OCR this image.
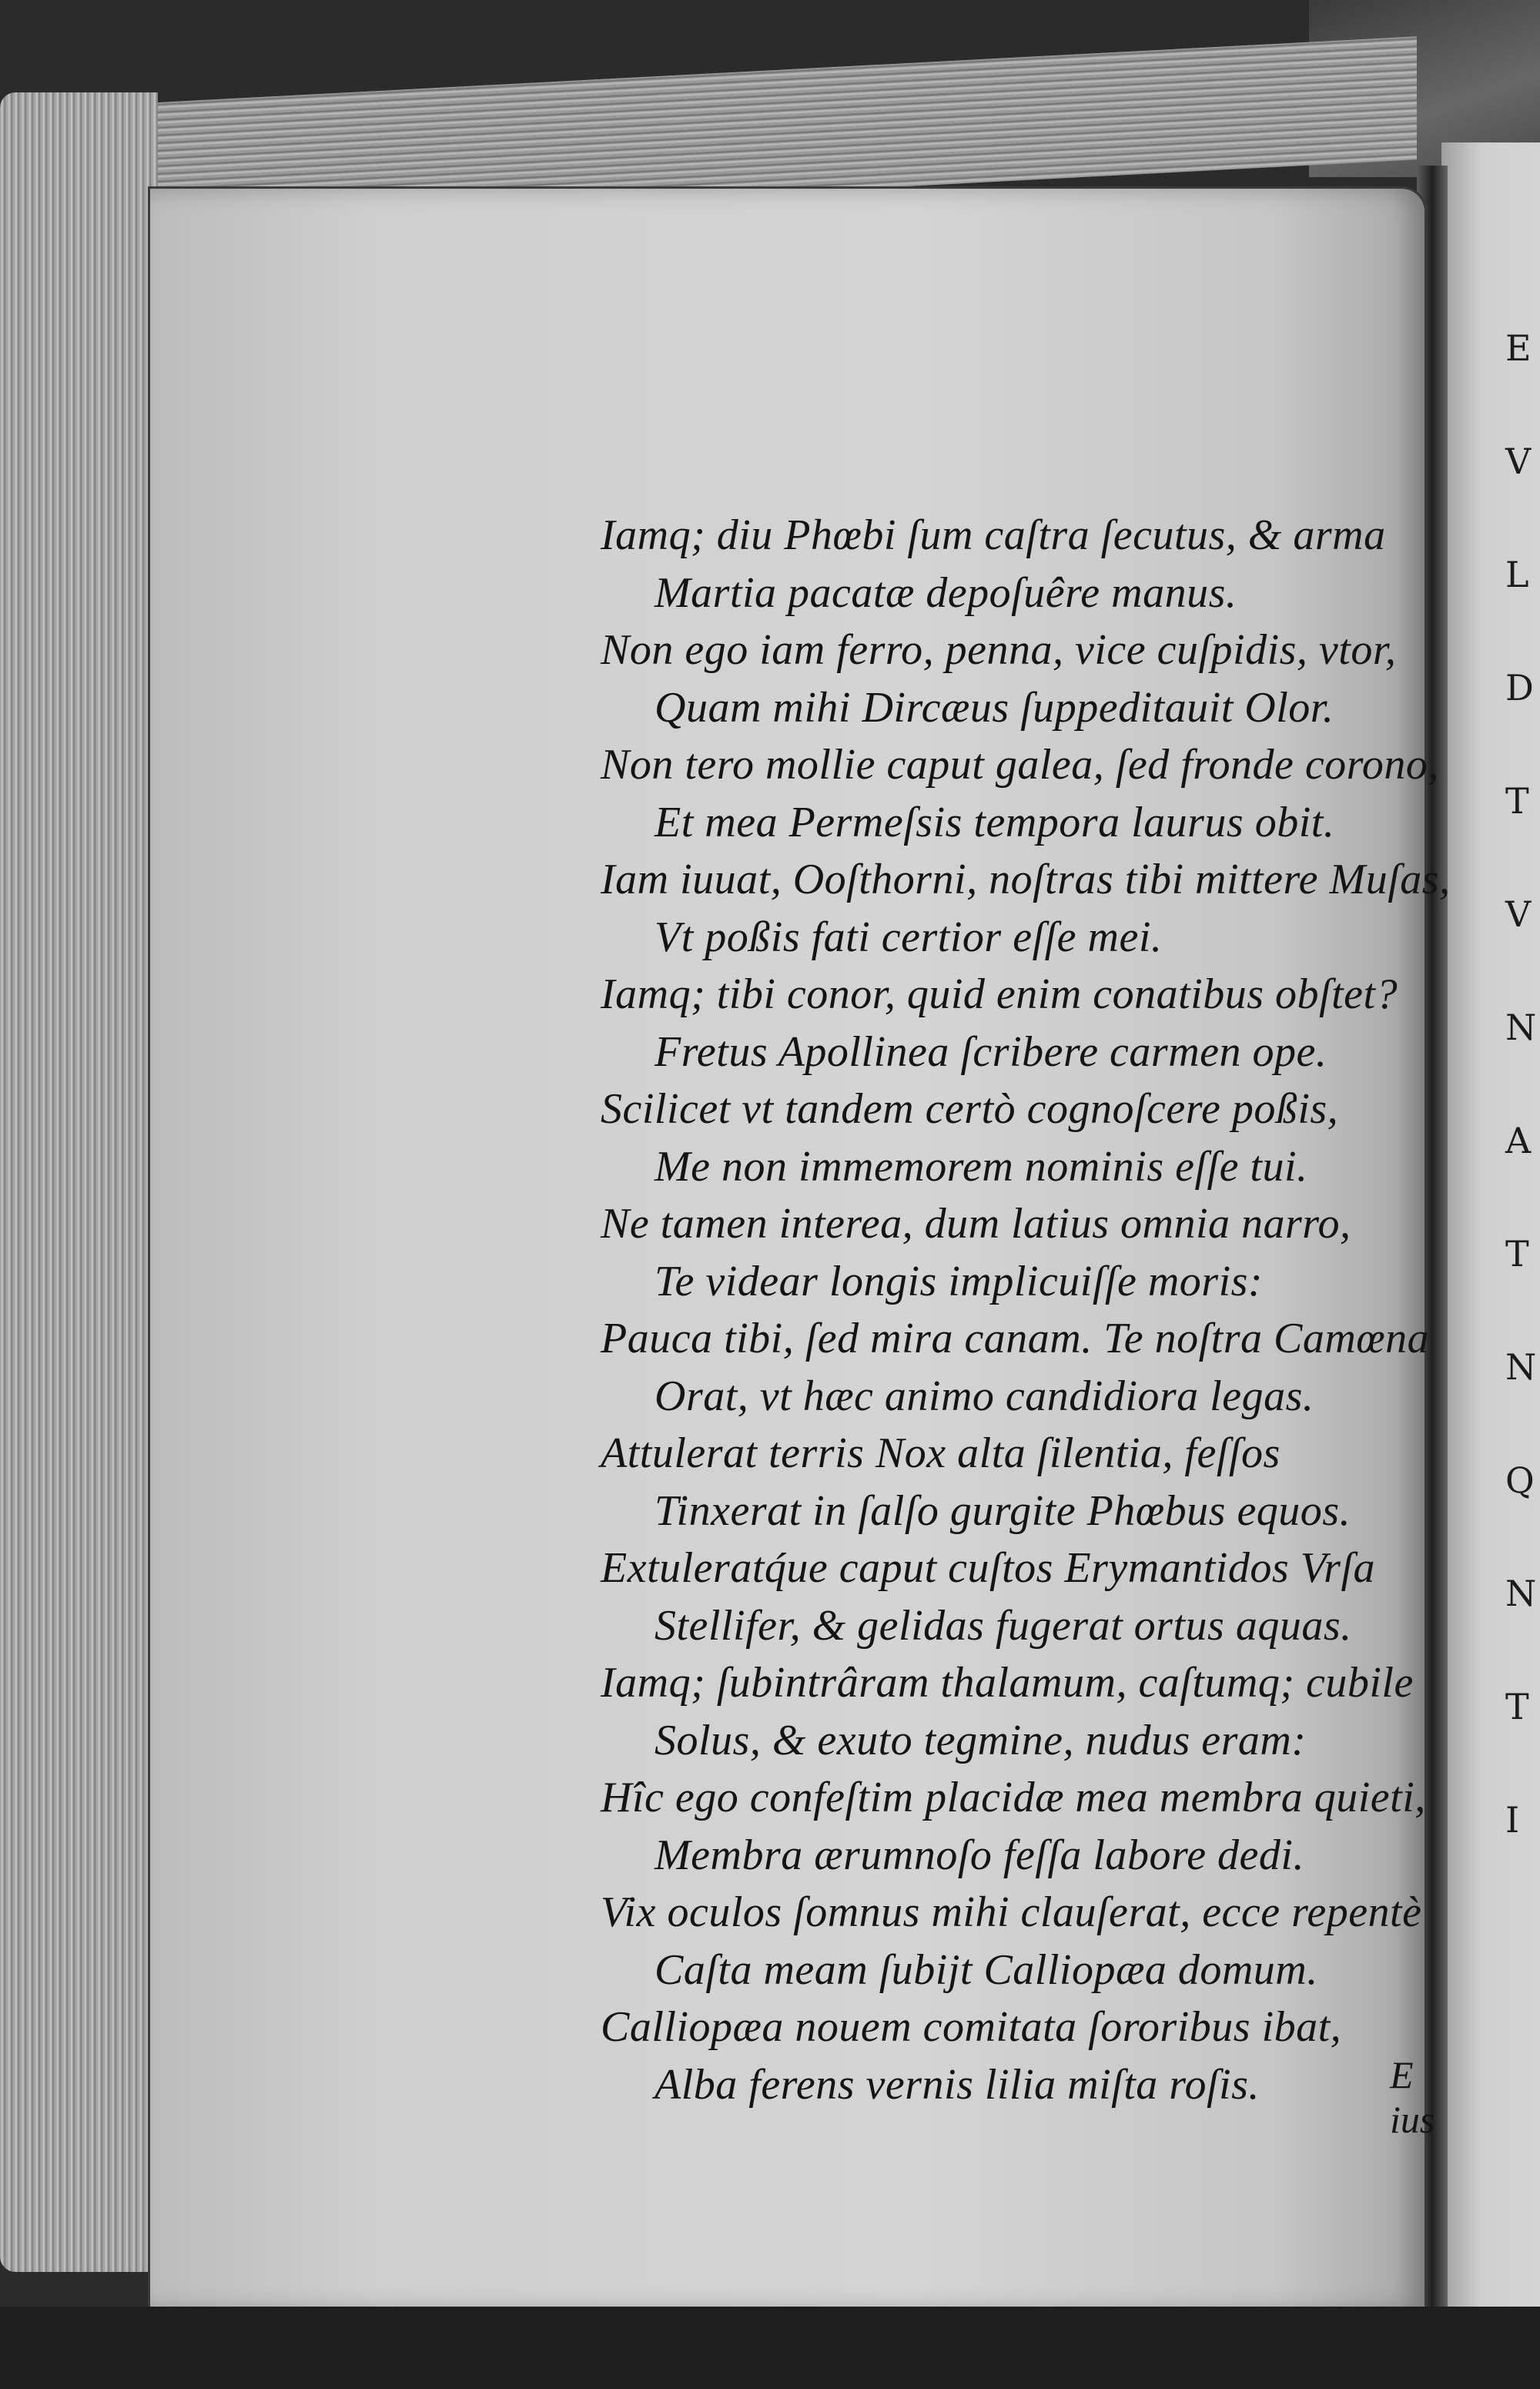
E
V
L
D
T
V
N
A
T
N
Q
N
T
I
Iamq; diu Phœbi ſum caſtra ſecutus, & arma
Martia pacatæ depoſuêre manus.
Non ego iam ferro, penna, vice cuſpidis, vtor,
Quam mihi Dircæus ſuppeditauit Olor.
Non tero mollie caput galea, ſed fronde corono,
Et mea Permeſsis tempora laurus obit.
Iam iuuat, Ooſthorni, noſtras tibi mittere Muſas,
Vt poßis fati certior eſſe mei.
Iamq; tibi conor, quid enim conatibus obſtet?
Fretus Apollinea ſcribere carmen ope.
Scilicet vt tandem certò cognoſcere poßis,
Me non immemorem nominis eſſe tui.
Ne tamen interea, dum latius omnia narro,
Te videar longis implicuiſſe moris:
Pauca tibi, ſed mira canam. Te noſtra Camœna
Orat, vt hæc animo candidiora legas.
Attulerat terris Nox alta ſilentia, feſſos
Tinxerat in ſalſo gurgite Phœbus equos.
Extuleratq́ue caput cuſtos Erymantidos Vrſa
Stellifer, & gelidas fugerat ortus aquas.
Iamq; ſubintrâram thalamum, caſtumq; cubile
Solus, & exuto tegmine, nudus eram:
Hîc ego confeſtim placidæ mea membra quieti,
Membra ærumnoſo feſſa labore dedi.
Vix oculos ſomnus mihi clauſerat, ecce repentè
Caſta meam ſubijt Calliopæa domum.
Calliopæa nouem comitata ſororibus ibat,
Alba ferens vernis lilia miſta roſis.	E ius
